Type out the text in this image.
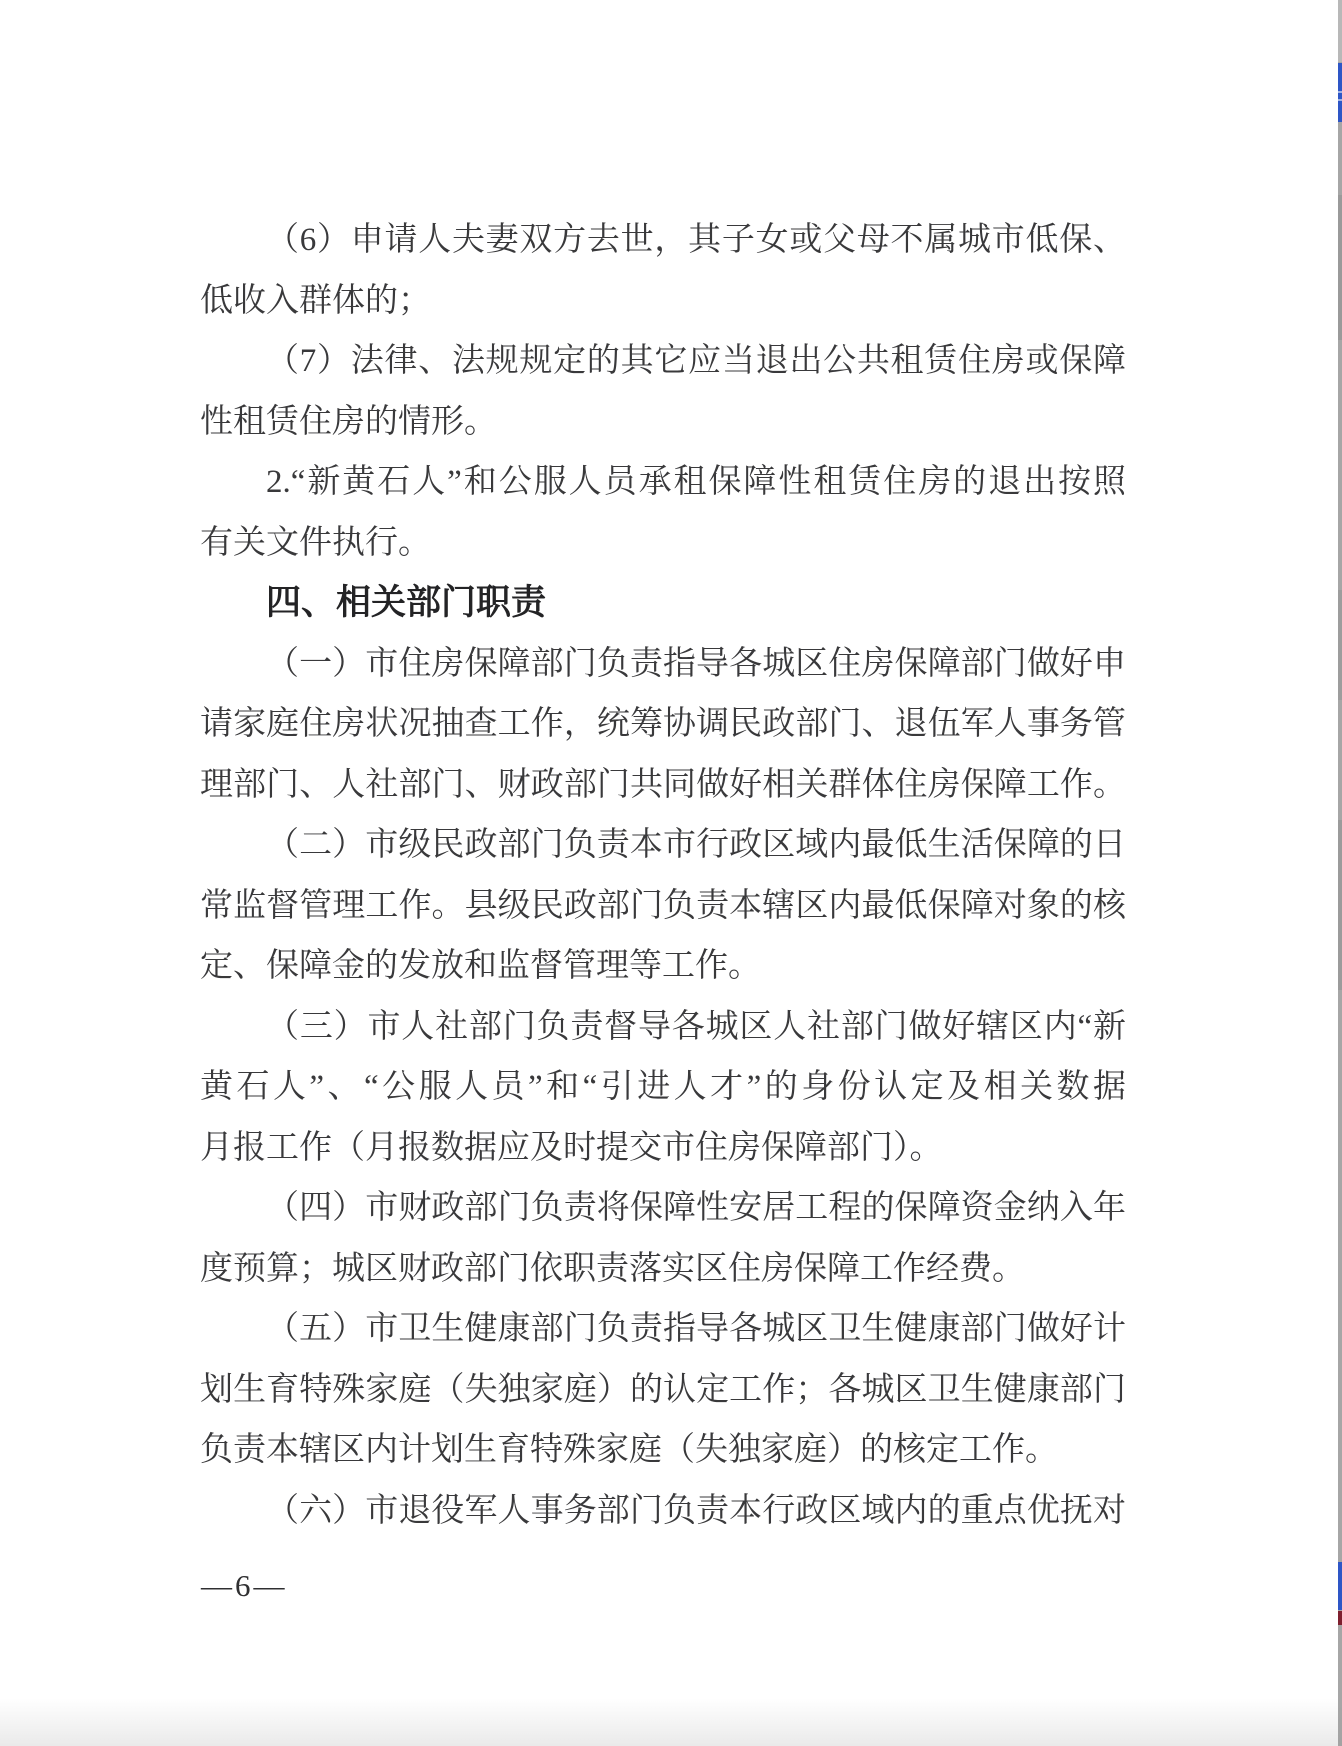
（6）申请人夫妻双方去世，其子女或父母不属城市低保、
低收入群体的；
（7）法律、法规规定的其它应当退出公共租赁住房或保障
性租赁住房的情形。
2.“新黄石人”和公服人员承租保障性租赁住房的退出按照
有关文件执行。
四、相关部门职责
（一）市住房保障部门负责指导各城区住房保障部门做好申
请家庭住房状况抽查工作，统筹协调民政部门、退伍军人事务管
理部门、人社部门、财政部门共同做好相关群体住房保障工作。
（二）市级民政部门负责本市行政区域内最低生活保障的日
常监督管理工作。县级民政部门负责本辖区内最低保障对象的核
定、保障金的发放和监督管理等工作。
（三）市人社部门负责督导各城区人社部门做好辖区内“新
黄石人”、“公服人员”和“引进人才”的身份认定及相关数据
月报工作（月报数据应及时提交市住房保障部门）。
（四）市财政部门负责将保障性安居工程的保障资金纳入年
度预算；城区财政部门依职责落实区住房保障工作经费。
（五）市卫生健康部门负责指导各城区卫生健康部门做好计
划生育特殊家庭（失独家庭）的认定工作；各城区卫生健康部门
负责本辖区内计划生育特殊家庭（失独家庭）的核定工作。
（六）市退役军人事务部门负责本行政区域内的重点优抚对
—6—
